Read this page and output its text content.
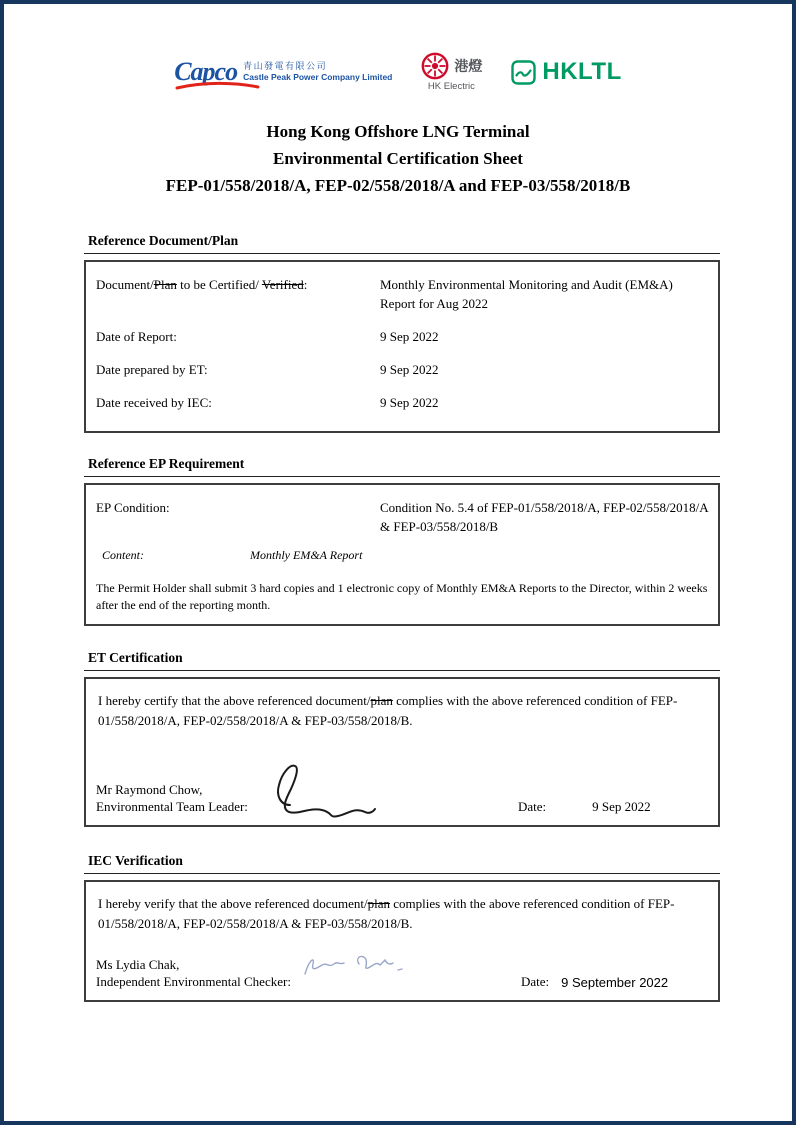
Capco 青山發電有限公司
Castle Peak Power Company Limited
港燈
HK Electric
HKLTL
Hong Kong Offshore LNG Terminal
Environmental Certification Sheet
FEP-01/558/2018/A, FEP-02/558/2018/A and FEP-03/558/2018/B
Reference Document/Plan
Document/Plan to be Certified/ Verified:	Monthly Environmental Monitoring and Audit (EM&A) Report for Aug 2022
Date of Report:	9 Sep 2022
Date prepared by ET:	9 Sep 2022
Date received by IEC:	9 Sep 2022
Reference EP Requirement
EP Condition:	Condition No. 5.4 of FEP-01/558/2018/A, FEP-02/558/2018/A & FEP-03/558/2018/B
Content:	Monthly EM&A Report
The Permit Holder shall submit 3 hard copies and 1 electronic copy of Monthly EM&A Reports to the Director, within 2 weeks after the end of the reporting month.
ET Certification
I hereby certify that the above referenced document/plan complies with the above referenced condition of FEP-01/558/2018/A, FEP-02/558/2018/A & FEP-03/558/2018/B.
Mr Raymond Chow,
Environmental Team Leader:	Date:	9 Sep 2022
IEC Verification
I hereby verify that the above referenced document/plan complies with the above referenced condition of FEP-01/558/2018/A, FEP-02/558/2018/A & FEP-03/558/2018/B.
Ms Lydia Chak,
Independent Environmental Checker:	Date: 9 September 2022
